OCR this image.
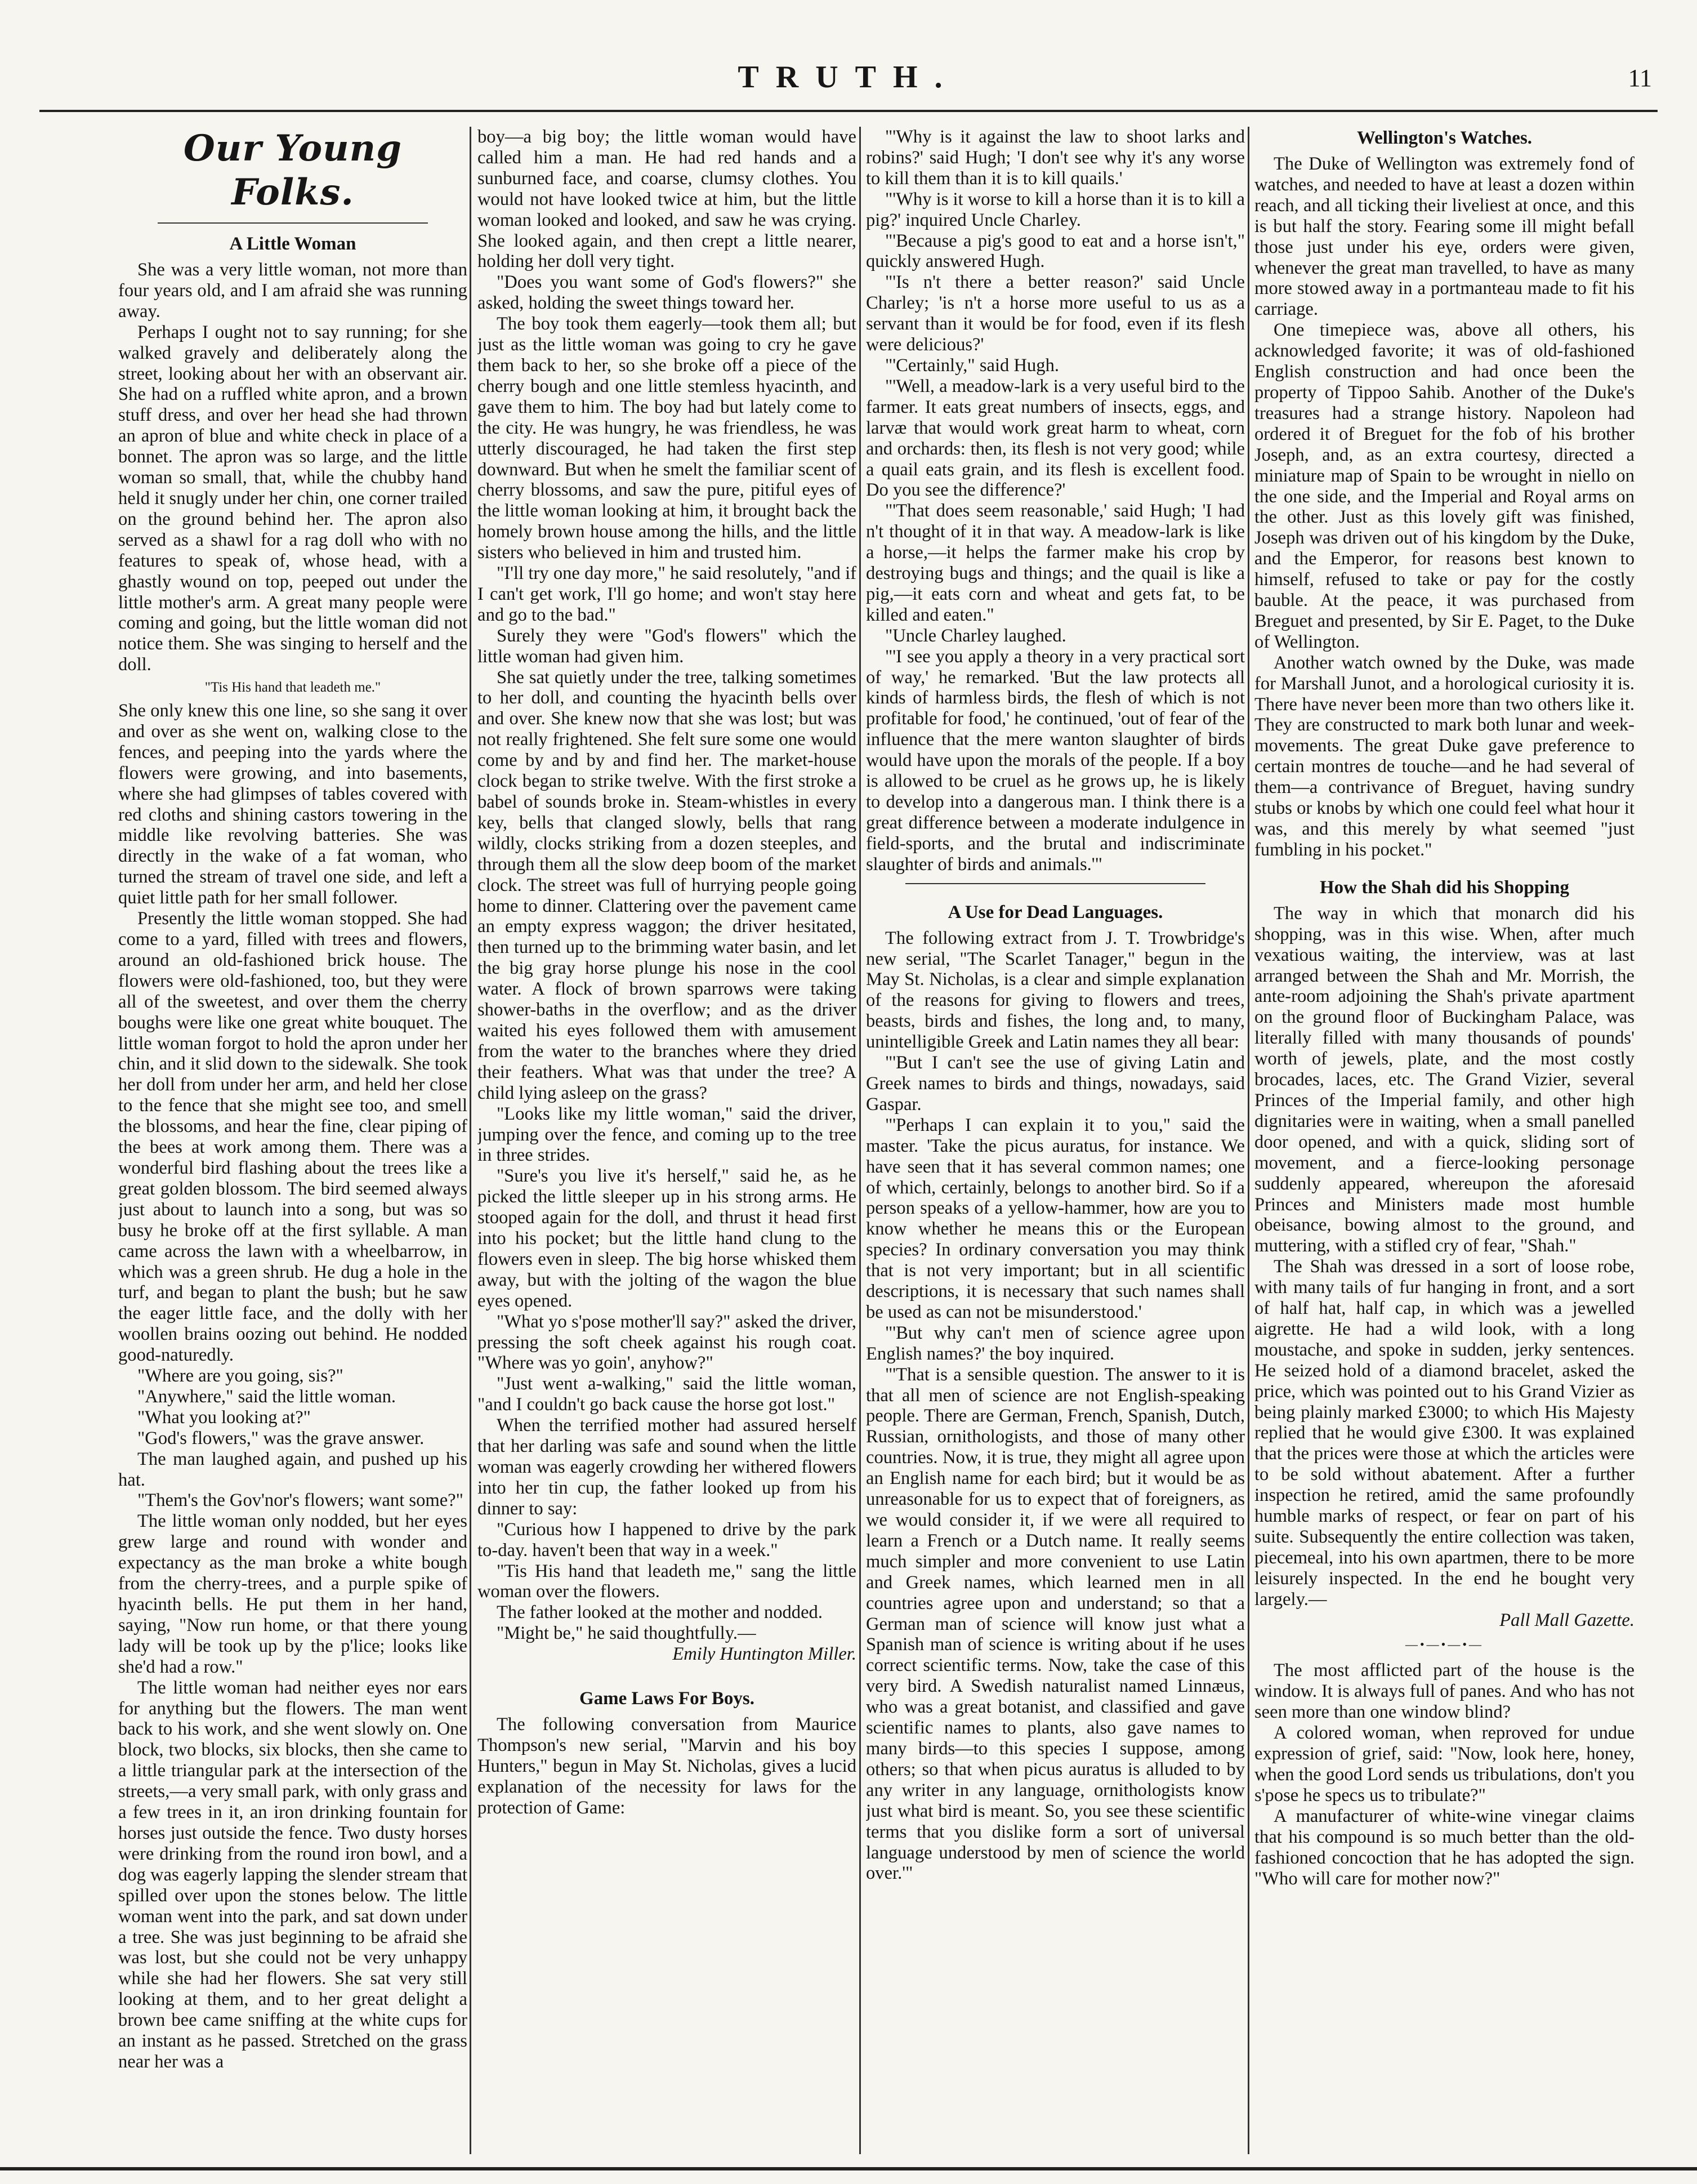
TRUTH.	11
Our Young Folks.
A Little Woman

She was a very little woman, not more than four years old, and I am afraid she was running away.

Perhaps I ought not to say running; for she walked gravely and deliberately along the street, looking about her with an observant air. She had on a ruffled white apron, and a brown stuff dress, and over her head she had thrown an apron of blue and white check in place of a bonnet. The apron was so large, and the little woman so small, that, while the chubby hand held it snugly under her chin, one corner trailed on the ground behind her. The apron also served as a shawl for a rag doll who with no features to speak of, whose head, with a ghastly wound on top, peeped out under the little mother's arm. A great many people were coming and going, but the little woman did not notice them. She was singing to herself and the doll.

"Tis His hand that leadeth me."

She only knew this one line, so she sang it over and over as she went on, walking close to the fences, and peeping into the yards where the flowers were growing, and into basements, where she had glimpses of tables covered with red cloths and shining castors towering in the middle like revolving batteries. She was directly in the wake of a fat woman, who turned the stream of travel one side, and left a quiet little path for her small follower.

Presently the little woman stopped. She had come to a yard, filled with trees and flowers, around an old-fashioned brick house. The flowers were old-fashioned, too, but they were all of the sweetest, and over them the cherry boughs were like one great white bouquet. The little woman forgot to hold the apron under her chin, and it slid down to the sidewalk. She took her doll from under her arm, and held her close to the fence that she might see too, and smell the blossoms, and hear the fine, clear piping of the bees at work among them. There was a wonderful bird flashing about the trees like a great golden blossom. The bird seemed always just about to launch into a song, but was so busy he broke off at the first syllable. A man came across the lawn with a wheelbarrow, in which was a green shrub. He dug a hole in the turf, and began to plant the bush; but he saw the eager little face, and the dolly with her woollen brains oozing out behind. He nodded good-naturedly.

"Where are you going, sis?"

"Anywhere," said the little woman.

"What you looking at?"

"God's flowers," was the grave answer.

The man laughed again, and pushed up his hat.

"Them's the Gov'nor's flowers; want some?"

The little woman only nodded, but her eyes grew large and round with wonder and expectancy as the man broke a white bough from the cherry-trees, and a purple spike of hyacinth bells. He put them in her hand, saying, "Now run home, or that there young lady will be took up by the p'lice; looks like she'd had a row."

The little woman had neither eyes nor ears for anything but the flowers. The man went back to his work, and she went slowly on. One block, two blocks, six blocks, then she came to a little triangular park at the intersection of the streets,—a very small park, with only grass and a few trees in it, an iron drinking fountain for horses just outside the fence. Two dusty horses were drinking from the round iron bowl, and a dog was eagerly lapping the slender stream that spilled over upon the stones below. The little woman went into the park, and sat down under a tree. She was just beginning to be afraid she was lost, but she could not be very unhappy while she had her flowers. She sat very still looking at them, and to her great delight a brown bee came sniffing at the white cups for an instant as he passed. Stretched on the grass near her was a

boy—a big boy; the little woman would have called him a man. He had red hands and a sunburned face, and coarse, clumsy clothes. You would not have looked twice at him, but the little woman looked and looked, and saw he was crying. She looked again, and then crept a little nearer, holding her doll very tight.

"Does you want some of God's flowers?" she asked, holding the sweet things toward her.

The boy took them eagerly—took them all; but just as the little woman was going to cry he gave them back to her, so she broke off a piece of the cherry bough and one little stemless hyacinth, and gave them to him. The boy had but lately come to the city. He was hungry, he was friendless, he was utterly discouraged, he had taken the first step downward. But when he smelt the familiar scent of cherry blossoms, and saw the pure, pitiful eyes of the little woman looking at him, it brought back the homely brown house among the hills, and the little sisters who believed in him and trusted him.

"I'll try one day more," he said resolutely, "and if I can't get work, I'll go home; and won't stay here and go to the bad."

Surely they were "God's flowers" which the little woman had given him.

She sat quietly under the tree, talking sometimes to her doll, and counting the hyacinth bells over and over. She knew now that she was lost; but was not really frightened. She felt sure some one would come by and by and find her. The market-house clock began to strike twelve. With the first stroke a babel of sounds broke in. Steam-whistles in every key, bells that clanged slowly, bells that rang wildly, clocks striking from a dozen steeples, and through them all the slow deep boom of the market clock. The street was full of hurrying people going home to dinner. Clattering over the pavement came an empty express waggon; the driver hesitated, then turned up to the brimming water basin, and let the big gray horse plunge his nose in the cool water. A flock of brown sparrows were taking shower-baths in the overflow; and as the driver waited his eyes followed them with amusement from the water to the branches where they dried their feathers. What was that under the tree? A child lying asleep on the grass?

"Looks like my little woman," said the driver, jumping over the fence, and coming up to the tree in three strides.

"Sure's you live it's herself," said he, as he picked the little sleeper up in his strong arms. He stooped again for the doll, and thrust it head first into his pocket; but the little hand clung to the flowers even in sleep. The big horse whisked them away, but with the jolting of the wagon the blue eyes opened.

"What yo s'pose mother'll say?" asked the driver, pressing the soft cheek against his rough coat. "Where was yo goin', anyhow?"

"Just went a-walking," said the little woman, "and I couldn't go back cause the horse got lost."

When the terrified mother had assured herself that her darling was safe and sound when the little woman was eagerly crowding her withered flowers into her tin cup, the father looked up from his dinner to say:

"Curious how I happened to drive by the park to-day. haven't been that way in a week."

"Tis His hand that leadeth me," sang the little woman over the flowers.

The father looked at the mother and nodded.

"Might be," he said thoughtfully.—

Emily Huntington Miller.

Game Laws For Boys.

The following conversation from Maurice Thompson's new serial, "Marvin and his boy Hunters," begun in May St. Nicholas, gives a lucid explanation of the necessity for laws for the protection of Game:

"'Why is it against the law to shoot larks and robins?' said Hugh; 'I don't see why it's any worse to kill them than it is to kill quails.'

"'Why is it worse to kill a horse than it is to kill a pig?' inquired Uncle Charley.

"'Because a pig's good to eat and a horse isn't," quickly answered Hugh.

"'Is n't there a better reason?' said Uncle Charley; 'is n't a horse more useful to us as a servant than it would be for food, even if its flesh were delicious?'

"'Certainly," said Hugh.

"'Well, a meadow-lark is a very useful bird to the farmer. It eats great numbers of insects, eggs, and larvæ that would work great harm to wheat, corn and orchards: then, its flesh is not very good; while a quail eats grain, and its flesh is excellent food. Do you see the difference?'

"'That does seem reasonable,' said Hugh; 'I had n't thought of it in that way. A meadow-lark is like a horse,—it helps the farmer make his crop by destroying bugs and things; and the quail is like a pig,—it eats corn and wheat and gets fat, to be killed and eaten."

"Uncle Charley laughed.

"'I see you apply a theory in a very practical sort of way,' he remarked. 'But the law protects all kinds of harmless birds, the flesh of which is not profitable for food,' he continued, 'out of fear of the influence that the mere wanton slaughter of birds would have upon the morals of the people. If a boy is allowed to be cruel as he grows up, he is likely to develop into a dangerous man. I think there is a great difference between a moderate indulgence in field-sports, and the brutal and indiscriminate slaughter of birds and animals.'"

A Use for Dead Languages.

The following extract from J. T. Trowbridge's new serial, "The Scarlet Tanager," begun in the May St. Nicholas, is a clear and simple explanation of the reasons for giving to flowers and trees, beasts, birds and fishes, the long and, to many, unintelligible Greek and Latin names they all bear:

"'But I can't see the use of giving Latin and Greek names to birds and things, nowadays, said Gaspar.

"'Perhaps I can explain it to you," said the master. 'Take the picus auratus, for instance. We have seen that it has several common names; one of which, certainly, belongs to another bird. So if a person speaks of a yellow-hammer, how are you to know whether he means this or the European species? In ordinary conversation you may think that is not very important; but in all scientific descriptions, it is necessary that such names shall be used as can not be misunderstood.'

"'But why can't men of science agree upon English names?' the boy inquired.

"'That is a sensible question. The answer to it is that all men of science are not English-speaking people. There are German, French, Spanish, Dutch, Russian, ornithologists, and those of many other countries. Now, it is true, they might all agree upon an English name for each bird; but it would be as unreasonable for us to expect that of foreigners, as we would consider it, if we were all required to learn a French or a Dutch name. It really seems much simpler and more convenient to use Latin and Greek names, which learned men in all countries agree upon and understand; so that a German man of science will know just what a Spanish man of science is writing about if he uses correct scientific terms. Now, take the case of this very bird. A Swedish naturalist named Linnæus, who was a great botanist, and classified and gave scientific names to plants, also gave names to many birds—to this species I suppose, among others; so that when picus auratus is alluded to by any writer in any language, ornithologists know just what bird is meant. So, you see these scientific terms that you dislike form a sort of universal language understood by men of science the world over.'"

Wellington's Watches.

The Duke of Wellington was extremely fond of watches, and needed to have at least a dozen within reach, and all ticking their liveliest at once, and this is but half the story. Fearing some ill might befall those just under his eye, orders were given, whenever the great man travelled, to have as many more stowed away in a portmanteau made to fit his carriage.

One timepiece was, above all others, his acknowledged favorite; it was of old-fashioned English construction and had once been the property of Tippoo Sahib. Another of the Duke's treasures had a strange history. Napoleon had ordered it of Breguet for the fob of his brother Joseph, and, as an extra courtesy, directed a miniature map of Spain to be wrought in niello on the one side, and the Imperial and Royal arms on the other. Just as this lovely gift was finished, Joseph was driven out of his kingdom by the Duke, and the Emperor, for reasons best known to himself, refused to take or pay for the costly bauble. At the peace, it was purchased from Breguet and presented, by Sir E. Paget, to the Duke of Wellington.

Another watch owned by the Duke, was made for Marshall Junot, and a horological curiosity it is. There have never been more than two others like it. They are constructed to mark both lunar and week-movements. The great Duke gave preference to certain montres de touche—and he had several of them—a contrivance of Breguet, having sundry stubs or knobs by which one could feel what hour it was, and this merely by what seemed "just fumbling in his pocket."

How the Shah did his Shopping

The way in which that monarch did his shopping, was in this wise. When, after much vexatious waiting, the interview, was at last arranged between the Shah and Mr. Morrish, the ante-room adjoining the Shah's private apartment on the ground floor of Buckingham Palace, was literally filled with many thousands of pounds' worth of jewels, plate, and the most costly brocades, laces, etc. The Grand Vizier, several Princes of the Imperial family, and other high dignitaries were in waiting, when a small panelled door opened, and with a quick, sliding sort of movement, and a fierce-looking personage suddenly appeared, whereupon the aforesaid Princes and Ministers made most humble obeisance, bowing almost to the ground, and muttering, with a stifled cry of fear, "Shah."

The Shah was dressed in a sort of loose robe, with many tails of fur hanging in front, and a sort of half hat, half cap, in which was a jewelled aigrette. He had a wild look, with a long moustache, and spoke in sudden, jerky sentences. He seized hold of a diamond bracelet, asked the price, which was pointed out to his Grand Vizier as being plainly marked £3000; to which His Majesty replied that he would give £300. It was explained that the prices were those at which the articles were to be sold without abatement. After a further inspection he retired, amid the same profoundly humble marks of respect, or fear on part of his suite. Subsequently the entire collection was taken, piecemeal, into his own apartmen, there to be more leisurely inspected. In the end he bought very largely.—

Pall Mall Gazette.

—•—•—•—

The most afflicted part of the house is the window. It is always full of panes. And who has not seen more than one window blind?

A colored woman, when reproved for undue expression of grief, said: "Now, look here, honey, when the good Lord sends us tribulations, don't you s'pose he specs us to tribulate?"

A manufacturer of white-wine vinegar claims that his compound is so much better than the old-fashioned concoction that he has adopted the sign. "Who will care for mother now?"
